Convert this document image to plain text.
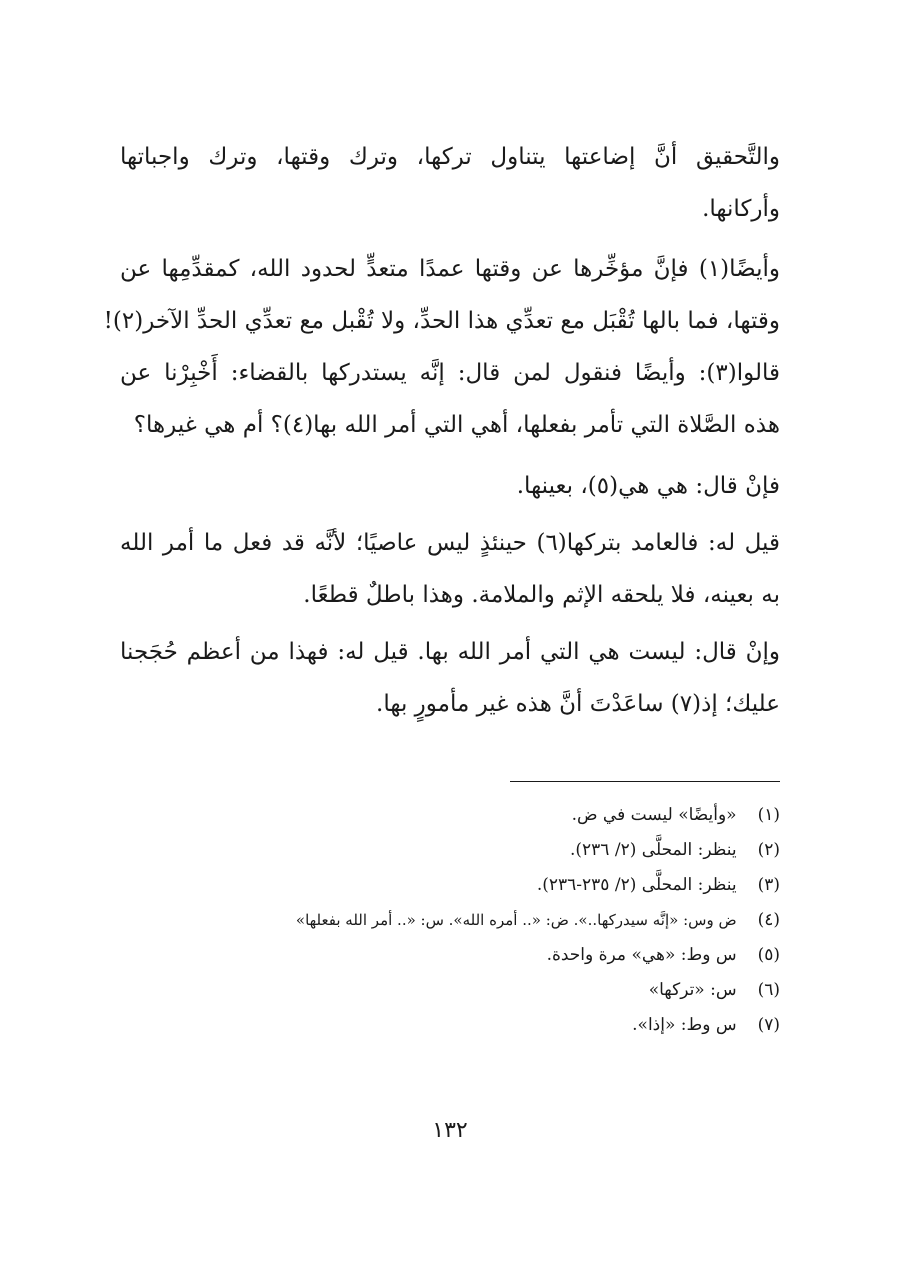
والتَّحقيق أنَّ إضاعتها يتناول تركها، وترك وقتها، وترك واجباتها
وأركانها.
وأيضًا(١) فإنَّ مؤخِّرها عن وقتها عمدًا متعدٍّ لحدود الله، كمقدِّمِها عن
وقتها، فما بالها تُقْبَل مع تعدِّي هذا الحدِّ، ولا تُقْبل مع تعدِّي الحدِّ الآخر(٢)!
قالوا(٣): وأيضًا فنقول لمن قال: إنَّه يستدركها بالقضاء: أَخْبِرْنا عن
هذه الصَّلاة التي تأمر بفعلها، أهي التي أمر الله بها(٤)؟ أم هي غيرها؟
فإنْ قال: هي هي(٥)، بعينها.
قيل له: فالعامد بتركها(٦) حينئذٍ ليس عاصيًا؛ لأنَّه قد فعل ما أمر الله
به بعينه، فلا يلحقه الإثم والملامة. وهذا باطلٌ قطعًا.
وإنْ قال: ليست هي التي أمر الله بها. قيل له: فهذا من أعظم حُجَجنا
عليك؛ إذ(٧) ساعَدْتَ أنَّ هذه غير مأمورٍ بها.
(١) «وأيضًا» ليست في ض.
(٢) ينظر: المحلَّى (٢/ ٢٣٦).
(٣) ينظر: المحلَّى (٢/ ٢٣٥-٢٣٦).
(٤) ض وس: «إنَّه سيدركها..». ض: «.. أمره الله». س: «.. أمر الله بفعلها»
(٥) س وط: «هي» مرة واحدة.
(٦) س: «تركها»
(٧) س وط: «إذا».
١٣٢
